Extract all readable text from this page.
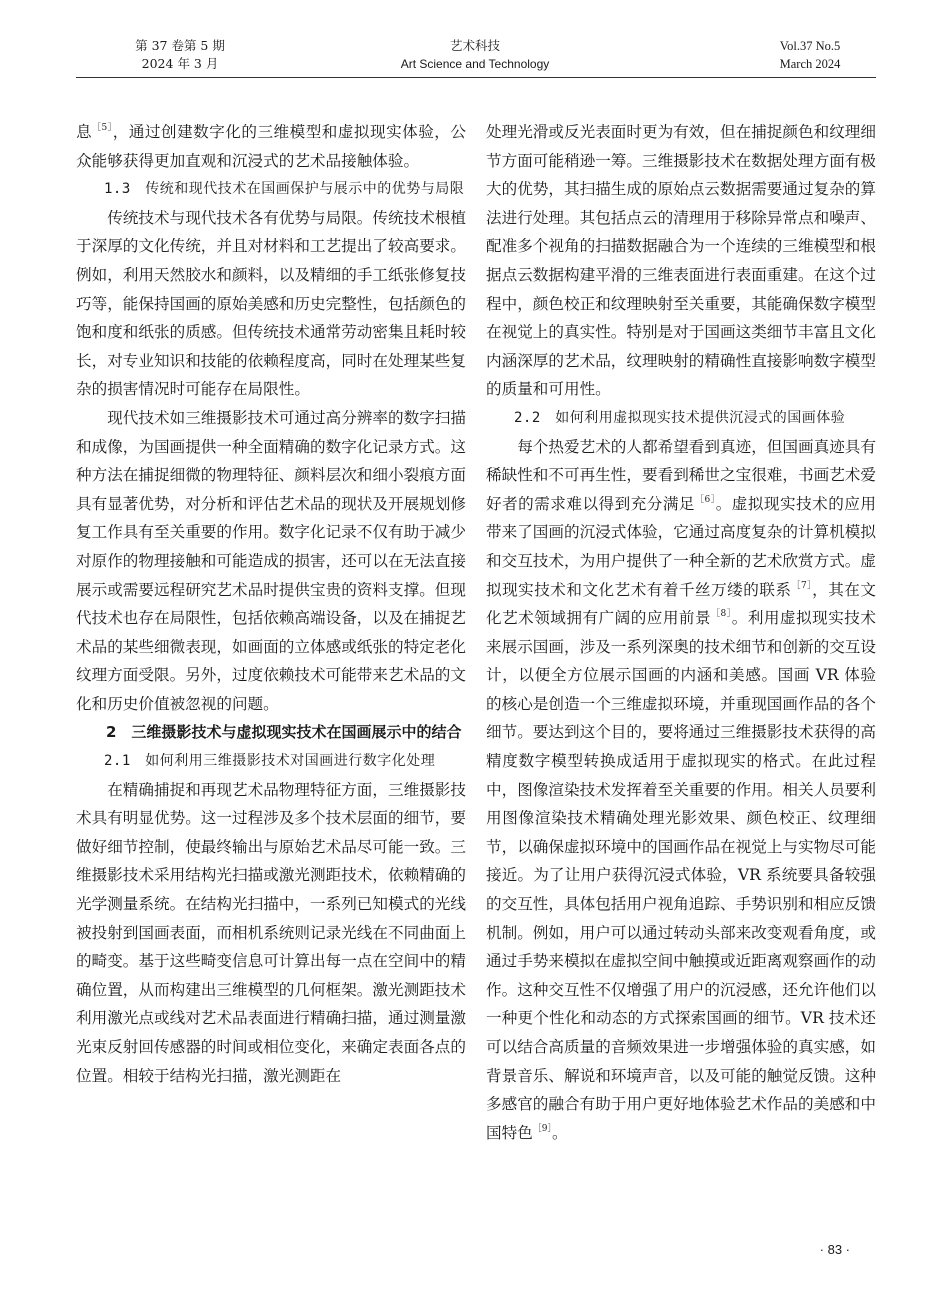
第 37 卷第 5 期
2024 年 3 月
艺术科技
Art Science and Technology
Vol.37 No.5
March 2024

息$^{[5]}$，通过创建数字化的三维模型和虚拟现实体验，公众能够获得更加直观和沉浸式的艺术品接触体验。

1.3　传统和现代技术在国画保护与展示中的优势与局限

传统技术与现代技术各有优势与局限。传统技术根植于深厚的文化传统，并且对材料和工艺提出了较高要求。例如，利用天然胶水和颜料，以及精细的手工纸张修复技巧等，能保持国画的原始美感和历史完整性，包括颜色的饱和度和纸张的质感。但传统技术通常劳动密集且耗时较长，对专业知识和技能的依赖程度高，同时在处理某些复杂的损害情况时可能存在局限性。

现代技术如三维摄影技术可通过高分辨率的数字扫描和成像，为国画提供一种全面精确的数字化记录方式。这种方法在捕捉细微的物理特征、颜料层次和细小裂痕方面具有显著优势，对分析和评估艺术品的现状及开展规划修复工作具有至关重要的作用。数字化记录不仅有助于减少对原作的物理接触和可能造成的损害，还可以在无法直接展示或需要远程研究艺术品时提供宝贵的资料支撑。但现代技术也存在局限性，包括依赖高端设备，以及在捕捉艺术品的某些细微表现，如画面的立体感或纸张的特定老化纹理方面受限。另外，过度依赖技术可能带来艺术品的文化和历史价值被忽视的问题。

2　三维摄影技术与虚拟现实技术在国画展示中的结合

2.1　如何利用三维摄影技术对国画进行数字化处理

在精确捕捉和再现艺术品物理特征方面，三维摄影技术具有明显优势。这一过程涉及多个技术层面的细节，要做好细节控制，使最终输出与原始艺术品尽可能一致。三维摄影技术采用结构光扫描或激光测距技术，依赖精确的光学测量系统。在结构光扫描中，一系列已知模式的光线被投射到国画表面，而相机系统则记录光线在不同曲面上的畸变。基于这些畸变信息可计算出每一点在空间中的精确位置，从而构建出三维模型的几何框架。激光测距技术利用激光点或线对艺术品表面进行精确扫描，通过测量激光束反射回传感器的时间或相位变化，来确定表面各点的位置。相较于结构光扫描，激光测距在

处理光滑或反光表面时更为有效，但在捕捉颜色和纹理细节方面可能稍逊一筹。三维摄影技术在数据处理方面有极大的优势，其扫描生成的原始点云数据需要通过复杂的算法进行处理。其包括点云的清理用于移除异常点和噪声、配准多个视角的扫描数据融合为一个连续的三维模型和根据点云数据构建平滑的三维表面进行表面重建。在这个过程中，颜色校正和纹理映射至关重要，其能确保数字模型在视觉上的真实性。特别是对于国画这类细节丰富且文化内涵深厚的艺术品，纹理映射的精确性直接影响数字模型的质量和可用性。

2.2　如何利用虚拟现实技术提供沉浸式的国画体验

每个热爱艺术的人都希望看到真迹，但国画真迹具有稀缺性和不可再生性，要看到稀世之宝很难，书画艺术爱好者的需求难以得到充分满足$^{[6]}$。虚拟现实技术的应用带来了国画的沉浸式体验，它通过高度复杂的计算机模拟和交互技术，为用户提供了一种全新的艺术欣赏方式。虚拟现实技术和文化艺术有着千丝万缕的联系$^{[7]}$，其在文化艺术领域拥有广阔的应用前景$^{[8]}$。利用虚拟现实技术来展示国画，涉及一系列深奥的技术细节和创新的交互设计，以便全方位展示国画的内涵和美感。国画 VR 体验的核心是创造一个三维虚拟环境，并重现国画作品的各个细节。要达到这个目的，要将通过三维摄影技术获得的高精度数字模型转换成适用于虚拟现实的格式。在此过程中，图像渲染技术发挥着至关重要的作用。相关人员要利用图像渲染技术精确处理光影效果、颜色校正、纹理细节，以确保虚拟环境中的国画作品在视觉上与实物尽可能接近。为了让用户获得沉浸式体验，VR 系统要具备较强的交互性，具体包括用户视角追踪、手势识别和相应反馈机制。例如，用户可以通过转动头部来改变观看角度，或通过手势来模拟在虚拟空间中触摸或近距离观察画作的动作。这种交互性不仅增强了用户的沉浸感，还允许他们以一种更个性化和动态的方式探索国画的细节。VR 技术还可以结合高质量的音频效果进一步增强体验的真实感，如背景音乐、解说和环境声音，以及可能的触觉反馈。这种多感官的融合有助于用户更好地体验艺术作品的美感和中国特色$^{[9]}$。

· 83 ·
